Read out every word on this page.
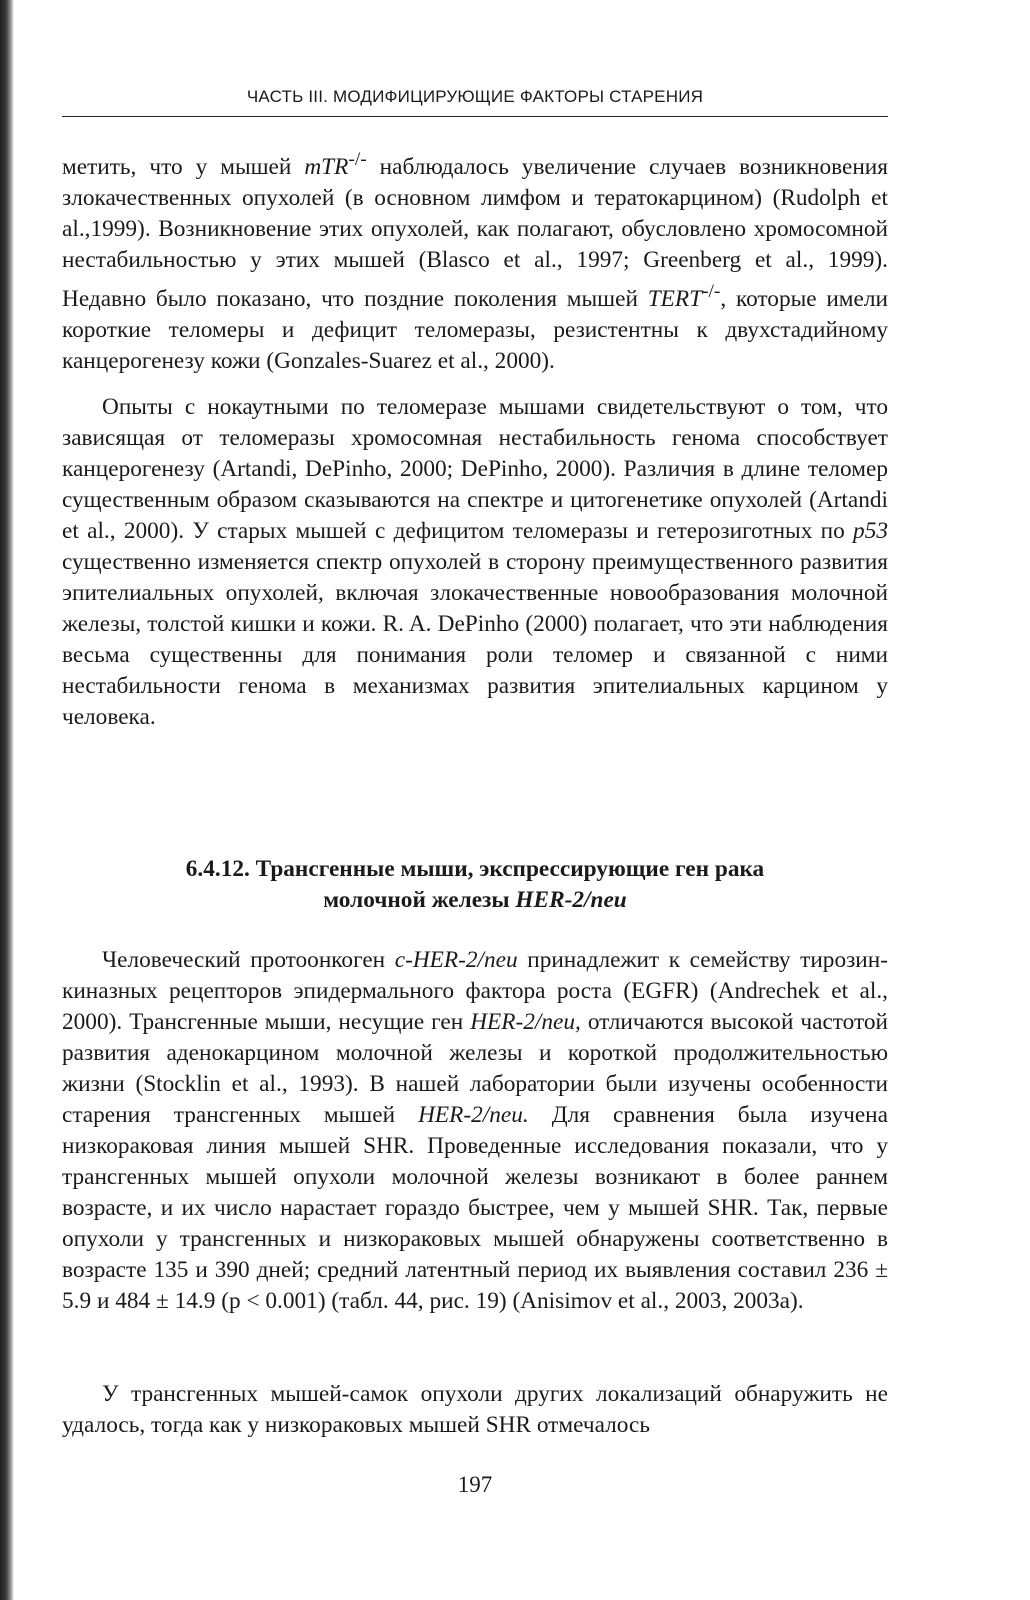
ЧАСТЬ III. МОДИФИЦИРУЮЩИЕ ФАКТОРЫ СТАРЕНИЯ

метить, что у мышей mTR-/- наблюдалось увеличение случаев возникновения злокачественных опухолей (в основном лимфом и тератокарцином) (Rudolph et al.,1999). Возникновение этих опухолей, как полагают, обусловлено хромосомной нестабильностью у этих мышей (Blasco et al., 1997; Greenberg et al., 1999). Недавно было показано, что поздние поколения мышей TERT-/-, которые имели короткие теломеры и дефицит теломеразы, резистентны к двухстадийному канцерогенезу кожи (Gonzales-Suarez et al., 2000).

Опыты с нокаутными по теломеразе мышами свидетельствуют о том, что зависящая от теломеразы хромосомная нестабильность генома способствует канцерогенезу (Artandi, DePinho, 2000; DePinho, 2000). Различия в длине теломер существенным образом сказываются на спектре и цитогенетике опухолей (Artandi et al., 2000). У старых мышей с дефицитом теломеразы и гетерозиготных по p53 существенно изменяется спектр опухолей в сторону преимущественного развития эпителиальных опухолей, включая злокачественные новообразования молочной железы, толстой кишки и кожи. R. A. DePinho (2000) полагает, что эти наблюдения весьма существенны для понимания роли теломер и связанной с ними нестабильности генома в механизмах развития эпителиальных карцином у человека.

6.4.12. Трансгенные мыши, экспрессирующие ген рака
молочной железы HER-2/neu

Человеческий протоонкоген c-HER-2/neu принадлежит к семейству тирозин-киназных рецепторов эпидермального фактора роста (EGFR) (Andrechek et al., 2000). Трансгенные мыши, несущие ген HER-2/neu, отличаются высокой частотой развития аденокарцином молочной железы и короткой продолжительностью жизни (Stocklin et al., 1993). В нашей лаборатории были изучены особенности старения трансгенных мышей HER-2/neu. Для сравнения была изучена низкораковая линия мышей SHR. Проведенные исследования показали, что у трансгенных мышей опухоли молочной железы возникают в более раннем возрасте, и их число нарастает гораздо быстрее, чем у мышей SHR. Так, первые опухоли у трансгенных и низкораковых мышей обнаружены соответственно в возрасте 135 и 390 дней; средний латентный период их выявления составил 236 ± 5.9 и 484 ± 14.9 (p < 0.001) (табл. 44, рис. 19) (Anisimov et al., 2003, 2003a).

У трансгенных мышей-самок опухоли других локализаций обнаружить не удалось, тогда как у низкораковых мышей SHR отмечалось

197
